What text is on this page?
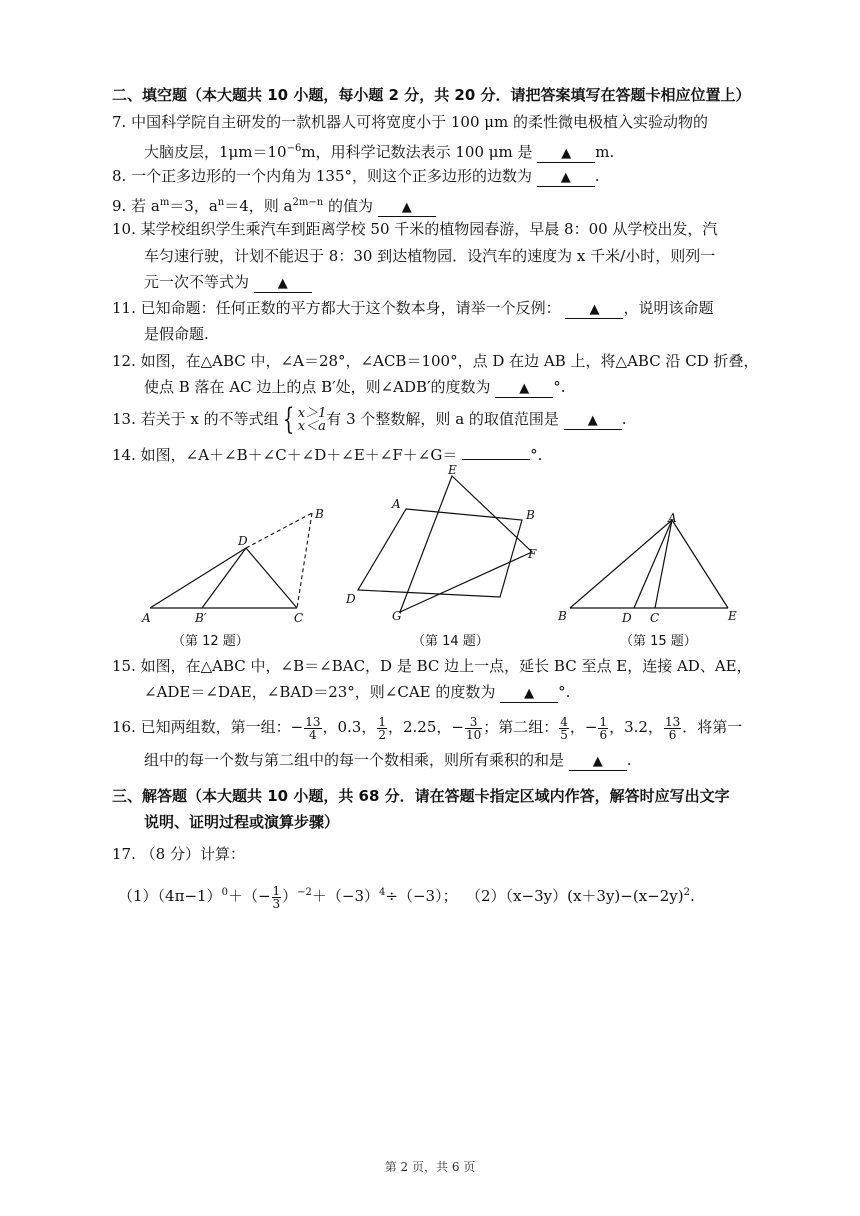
二、填空题（本大题共 10 小题，每小题 2 分，共 20 分．请把答案填写在答题卡相应位置上）
7. 中国科学院自主研发的一款机器人可将宽度小于 100 μm 的柔性微电极植入实验动物的
大脑皮层，$1\mu m=10^{-6}m$，用科学记数法表示 100 μm 是 ▲ m.
8. 一个正多边形的一个内角为 135°，则这个正多边形的边数为 ▲ .
9. 若 $a^m=3$，$a^n=4$，则 $a^{2m-n}$ 的值为 ▲
10. 某学校组织学生乘汽车到距离学校 50 千米的植物园春游，早晨 8：00 从学校出发，汽
车匀速行驶，计划不能迟于 8：30 到达植物园．设汽车的速度为 x 千米/小时，则列一
元一次不等式为 ▲
11. 已知命题：任何正数的平方都大于这个数本身，请举一个反例： ▲ ，说明该命题
是假命题.
12. 如图，在△ABC 中，∠A＝28°，∠ACB＝100°，点 D 在边 AB 上，将△ABC 沿 CD 折叠，
使点 B 落在 AC 边上的点 B′处，则∠ADB′的度数为 ▲ °.
13. 若关于 x 的不等式组 { x＞1
x＜a 有 3 个整数解，则 a 的取值范围是 ▲ .
14. 如图，∠A＋∠B＋∠C＋∠D＋∠E＋∠F＋∠G＝	°.
A	B′	C
D
B
（第 12 题）
E
A
B
F
D
G
（第 14 题）
A
B	D C	E
（第 15 题）
15. 如图，在△ABC 中，∠B＝∠BAC，D 是 BC 边上一点，延长 BC 至点 E，连接 AD、AE，
∠ADE＝∠DAE，∠BAD＝23°，则∠CAE 的度数为 ▲ °.
16. 已知两组数，第一组：− $\frac{13}{4}$ ，0.3， $\frac{1}{2}$ ，2.25，− $\frac{3}{10}$ ；第二组： $\frac{4}{5}$ ，− $\frac{1}{6}$ ，3.2， $\frac{13}{6}$ ．将第一
组中的每一个数与第二组中的每一个数相乘，则所有乘积的和是 ▲ .
三、解答题（本大题共 10 小题，共 68 分．请在答题卡指定区域内作答，解答时应写出文字
说明、证明过程或演算步骤）
17. （8 分）计算：
$(1)(4\pi-1)^0+(- \frac{1}{3} )^{-2}+(-3)^4\div(-3)$； $(2)(x-3y)(x+3y)-(x-2y)^2$.
第 2 页，共 6 页
